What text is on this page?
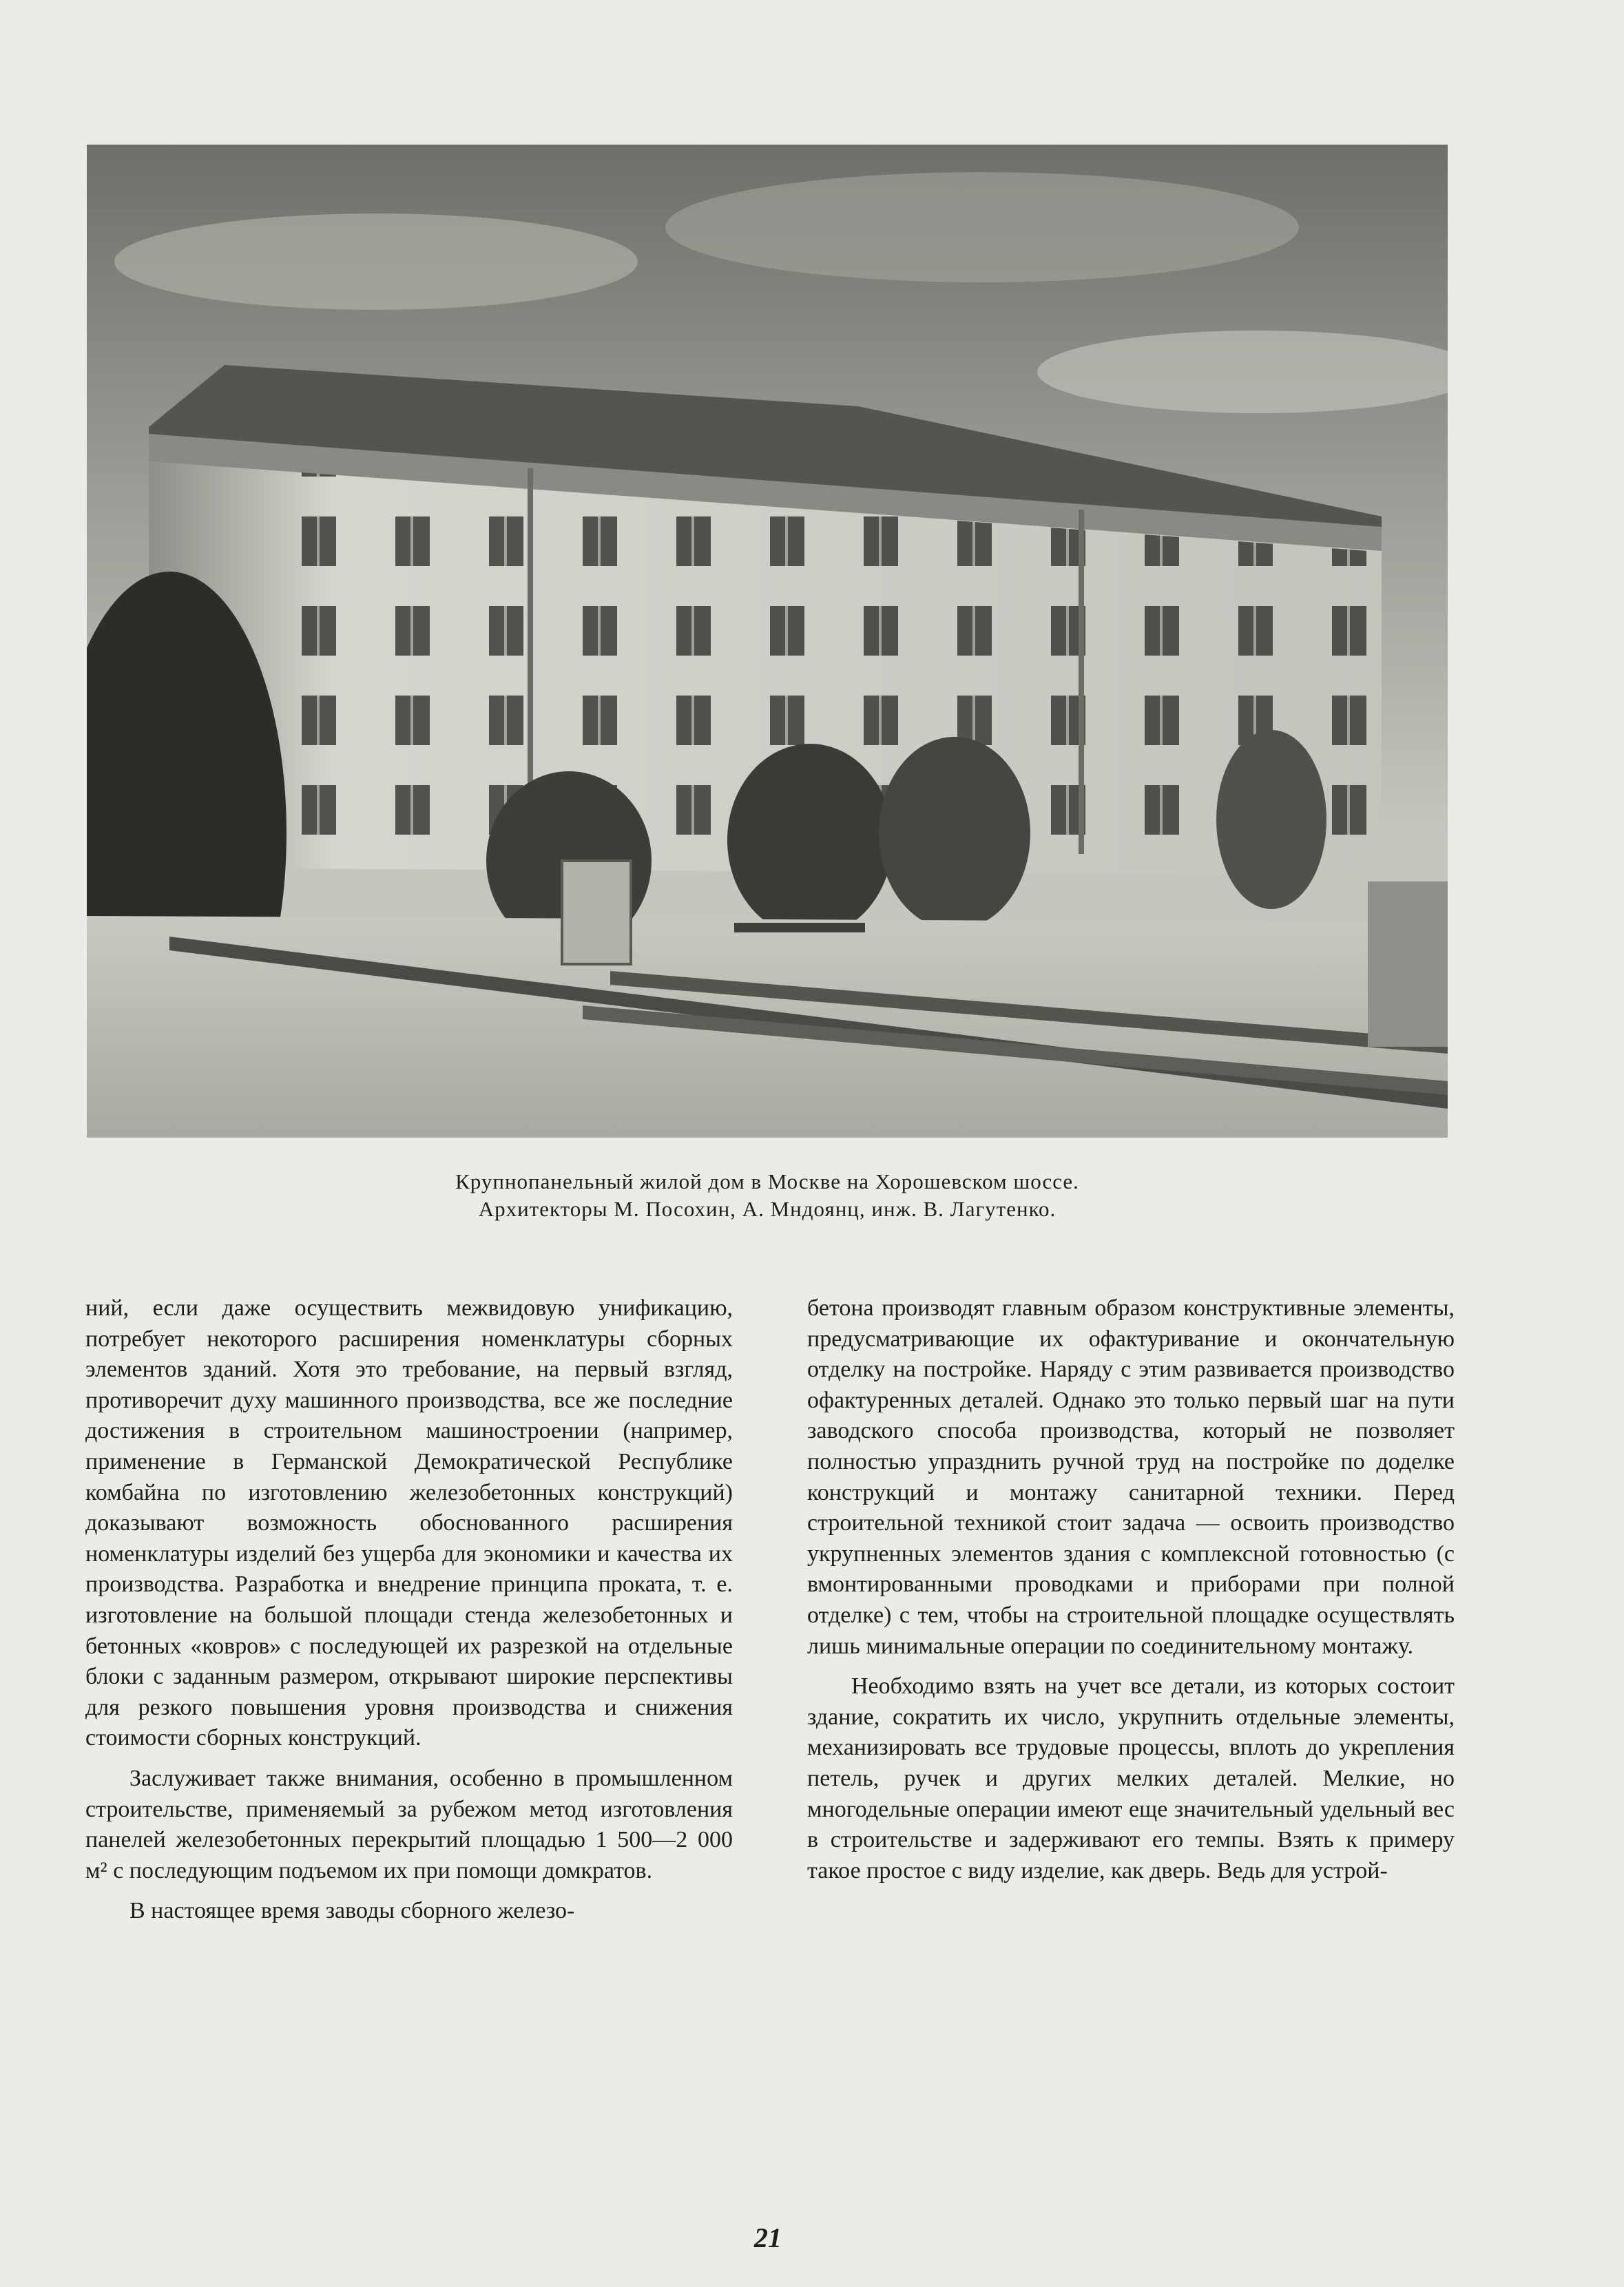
Крупнопанельный жилой дом в Москве на Хорошевском шоссе.
Архитекторы М. Посохин, А. Мндоянц, инж. В. Лагутенко.

ний, если даже осуществить межвидовую унификацию, потребует некоторого расширения номенклатуры сборных элементов зданий. Хотя это требование, на первый взгляд, противоречит духу машинного производства, все же последние достижения в строительном машиностроении (например, применение в Германской Демократической Республике комбайна по изготовлению железобетонных конструкций) доказывают возможность обоснованного расширения номенклатуры изделий без ущерба для экономики и качества их производства. Разработка и внедрение принципа проката, т. е. изготовление на большой площади стенда железобетонных и бетонных «ковров» с последующей их разрезкой на отдельные блоки с заданным размером, открывают широкие перспективы для резкого повышения уровня производства и снижения стоимости сборных конструкций.

Заслуживает также внимания, особенно в промышленном строительстве, применяемый за рубежом метод изготовления панелей железобетонных перекрытий площадью 1 500—2 000 м² с последующим подъемом их при помощи домкратов.

В настоящее время заводы сборного железо-

бетона производят главным образом конструктивные элементы, предусматривающие их офактуривание и окончательную отделку на постройке. Наряду с этим развивается производство офактуренных деталей. Однако это только первый шаг на пути заводского способа производства, который не позволяет полностью упразднить ручной труд на постройке по доделке конструкций и монтажу санитарной техники. Перед строительной техникой стоит задача — освоить производство укрупненных элементов здания с комплексной готовностью (с вмонтированными проводками и приборами при полной отделке) с тем, чтобы на строительной площадке осуществлять лишь минимальные операции по соединительному монтажу.

Необходимо взять на учет все детали, из которых состоит здание, сократить их число, укрупнить отдельные элементы, механизировать все трудовые процессы, вплоть до укрепления петель, ручек и других мелких деталей. Мелкие, но многодельные операции имеют еще значительный удельный вес в строительстве и задерживают его темпы. Взять к примеру такое простое с виду изделие, как дверь. Ведь для устрой-

21
